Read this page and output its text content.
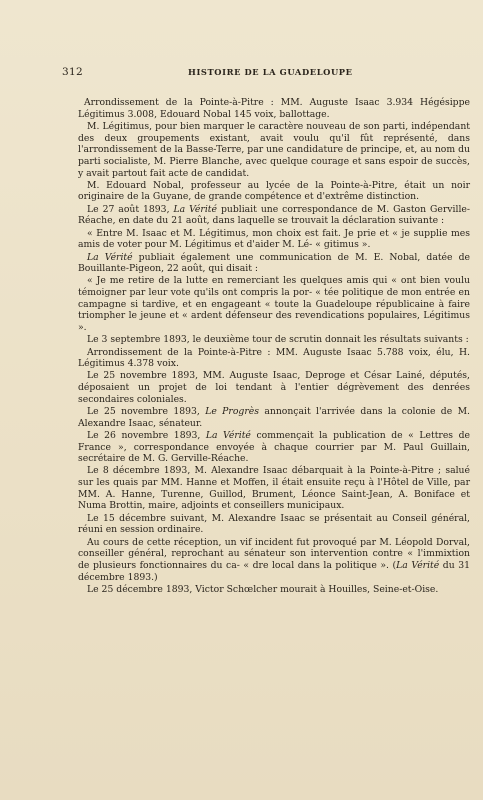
312	HISTOIRE DE LA GUADELOUPE

Arrondissement de la Pointe-à-Pitre : MM. Auguste Isaac 3.934 Hégésippe Légitimus 3.008, Edouard Nobal 145 voix, ballottage.

M. Légitimus, pour bien marquer le caractère nouveau de son parti, indépendant des deux groupements existant, avait voulu qu'il fût représenté, dans l'arrondissement de la Basse-Terre, par une candidature de principe, et, au nom du parti socialiste, M. Pierre Blanche, avec quelque courage et sans espoir de succès, y avait partout fait acte de candidat.

M. Edouard Nobal, professeur au lycée de la Pointe-à-Pitre, était un noir originaire de la Guyane, de grande compétence et d'extrême distinction.

Le 27 août 1893, La Vérité publiait une correspondance de M. Gaston Gerville-Réache, en date du 21 août, dans laquelle se trouvait la déclaration suivante :

« Entre M. Isaac et M. Légitimus, mon choix est fait. Je prie et « je supplie mes amis de voter pour M. Légitimus et d'aider M. Lé- « gitimus ».

La Vérité publiait également une communication de M. E. Nobal, datée de Bouillante-Pigeon, 22 août, qui disait :

« Je me retire de la lutte en remerciant les quelques amis qui « ont bien voulu témoigner par leur vote qu'ils ont compris la por- « tée politique de mon entrée en campagne si tardive, et en engageant « toute la Guadeloupe républicaine à faire triompher le jeune et « ardent défenseur des revendications populaires, Légitimus ».

Le 3 septembre 1893, le deuxième tour de scrutin donnait les résultats suivants :

Arrondissement de la Pointe-à-Pitre : MM. Auguste Isaac 5.788 voix, élu, H. Légitimus 4.378 voix.

Le 25 novembre 1893, MM. Auguste Isaac, Deproge et César Lainé, députés, déposaient un projet de loi tendant à l'entier dégrèvement des denrées secondaires coloniales.

Le 25 novembre 1893, Le Progrès annonçait l'arrivée dans la colonie de M. Alexandre Isaac, sénateur.

Le 26 novembre 1893, La Vérité commençait la publication de « Lettres de France », correspondance envoyée à chaque courrier par M. Paul Guillain, secrétaire de M. G. Gerville-Réache.

Le 8 décembre 1893, M. Alexandre Isaac débarquait à la Pointe-à-Pitre ; salué sur les quais par MM. Hanne et Moffen, il était ensuite reçu à l'Hôtel de Ville, par MM. A. Hanne, Turenne, Guillod, Brument, Léonce Saint-Jean, A. Boniface et Numa Brottin, maire, adjoints et conseillers municipaux.

Le 15 décembre suivant, M. Alexandre Isaac se présentait au Conseil général, réuni en session ordinaire.

Au cours de cette réception, un vif incident fut provoqué par M. Léopold Dorval, conseiller général, reprochant au sénateur son intervention contre « l'immixtion de plusieurs fonctionnaires du ca- « dre local dans la politique ». (La Vérité du 31 décembre 1893.)

Le 25 décembre 1893, Victor Schœlcher mourait à Houilles, Seine-et-Oise.
